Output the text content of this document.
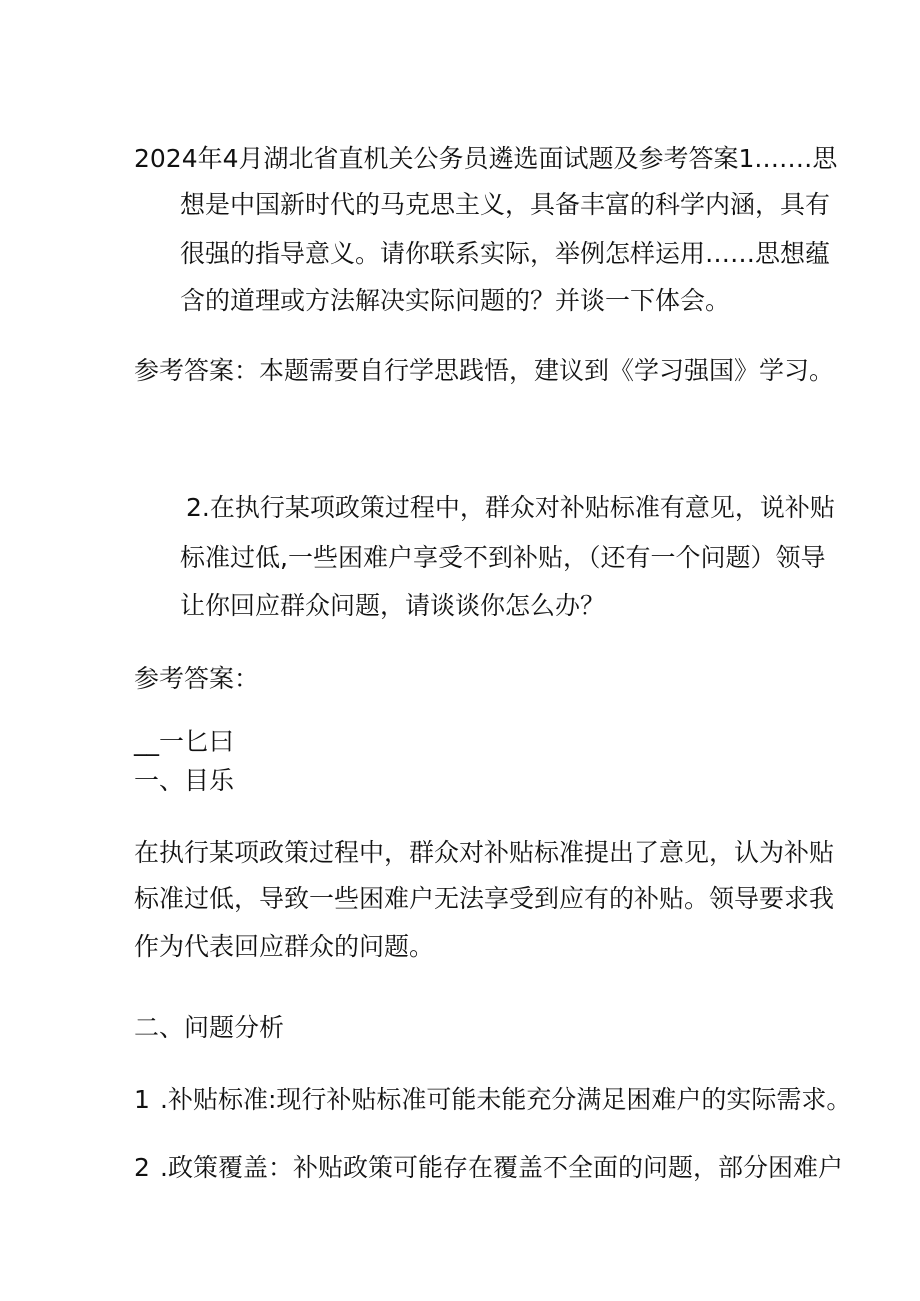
2024年4月湖北省直机关公务员遴选面试题及参考答案1.……思
想是中国新时代的马克思主义，具备丰富的科学内涵，具有
很强的指导意义。请你联系实际，举例怎样运用……思想蕴
含的道理或方法解决实际问题的？并谈一下体会。
参考答案：本题需要自行学思践悟，建议到《学习强国》学习。
2.在执行某项政策过程中，群众对补贴标准有意见，说补贴
标准过低,一些困难户享受不到补贴，（还有一个问题）领导
让你回应群众问题，请谈谈你怎么办？
参考答案：
__一匕曰
一、目乐
在执行某项政策过程中，群众对补贴标准提出了意见，认为补贴
标准过低，导致一些困难户无法享受到应有的补贴。领导要求我
作为代表回应群众的问题。
二、问题分析
1 .补贴标准:现行补贴标准可能未能充分满足困难户的实际需求。
2 .政策覆盖：补贴政策可能存在覆盖不全面的问题，部分困难户
